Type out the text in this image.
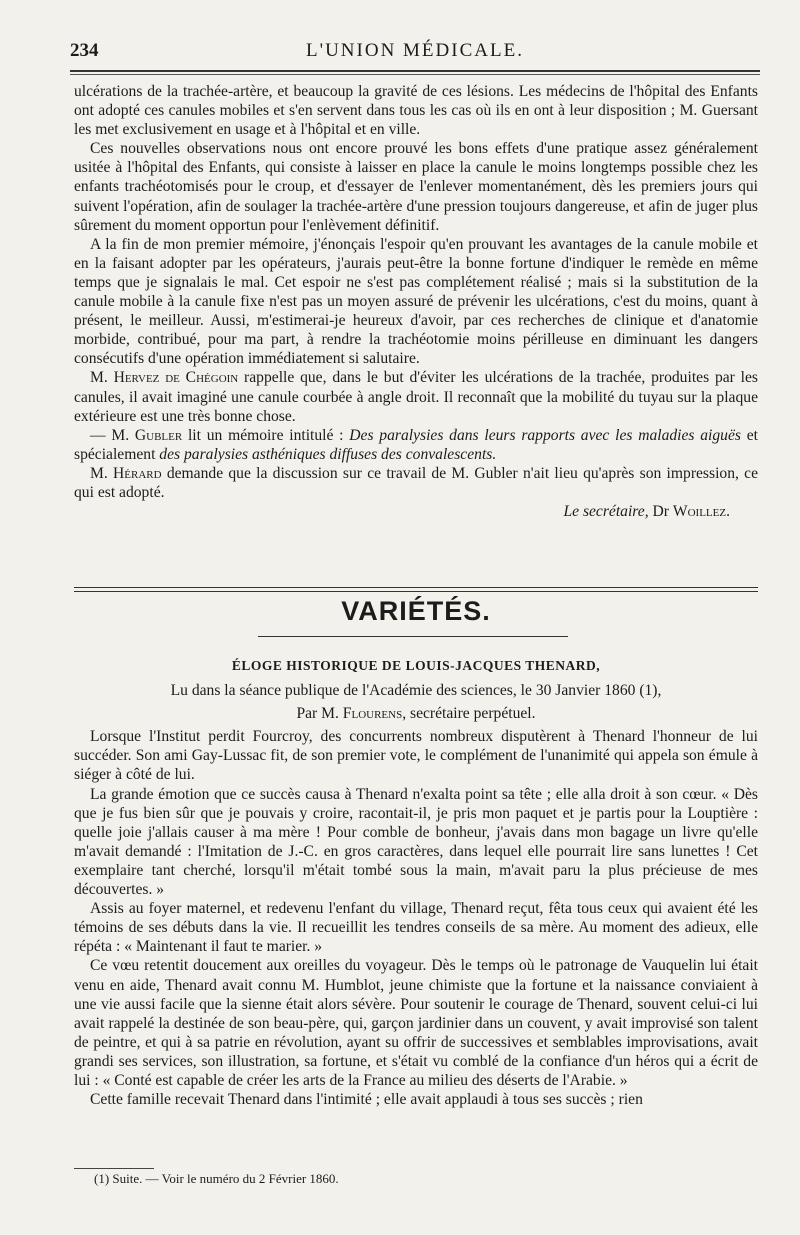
234	L'UNION MÉDICALE.

ulcérations de la trachée-artère, et beaucoup la gravité de ces lésions. Les médecins de l'hôpital des Enfants ont adopté ces canules mobiles et s'en servent dans tous les cas où ils en ont à leur disposition ; M. Guersant les met exclusivement en usage et à l'hôpital et en ville.

Ces nouvelles observations nous ont encore prouvé les bons effets d'une pratique assez généralement usitée à l'hôpital des Enfants, qui consiste à laisser en place la canule le moins longtemps possible chez les enfants trachéotomisés pour le croup, et d'essayer de l'enlever momentanément, dès les premiers jours qui suivent l'opération, afin de soulager la trachée-artère d'une pression toujours dangereuse, et afin de juger plus sûrement du moment opportun pour l'enlèvement définitif.

A la fin de mon premier mémoire, j'énonçais l'espoir qu'en prouvant les avantages de la canule mobile et en la faisant adopter par les opérateurs, j'aurais peut-être la bonne fortune d'indiquer le remède en même temps que je signalais le mal. Cet espoir ne s'est pas complétement réalisé ; mais si la substitution de la canule mobile à la canule fixe n'est pas un moyen assuré de prévenir les ulcérations, c'est du moins, quant à présent, le meilleur. Aussi, m'estimerai-je heureux d'avoir, par ces recherches de clinique et d'anatomie morbide, contribué, pour ma part, à rendre la trachéotomie moins périlleuse en diminuant les dangers consécutifs d'une opération immédiatement si salutaire.

M. Hervez de Chégoin rappelle que, dans le but d'éviter les ulcérations de la trachée, produites par les canules, il avait imaginé une canule courbée à angle droit. Il reconnaît que la mobilité du tuyau sur la plaque extérieure est une très bonne chose.

— M. Gubler lit un mémoire intitulé : Des paralysies dans leurs rapports avec les maladies aiguës et spécialement des paralysies asthéniques diffuses des convalescents.

M. Hérard demande que la discussion sur ce travail de M. Gubler n'ait lieu qu'après son impression, ce qui est adopté.

Le secrétaire, Dr Woillez.

VARIÉTÉS.

ÉLOGE HISTORIQUE DE LOUIS-JACQUES THENARD,

Lu dans la séance publique de l'Académie des sciences, le 30 Janvier 1860 (1),

Par M. Flourens, secrétaire perpétuel.

Lorsque l'Institut perdit Fourcroy, des concurrents nombreux disputèrent à Thenard l'honneur de lui succéder. Son ami Gay-Lussac fit, de son premier vote, le complément de l'unanimité qui appela son émule à siéger à côté de lui.

La grande émotion que ce succès causa à Thenard n'exalta point sa tête ; elle alla droit à son cœur. « Dès que je fus bien sûr que je pouvais y croire, racontait-il, je pris mon paquet et je partis pour la Louptière : quelle joie j'allais causer à ma mère ! Pour comble de bonheur, j'avais dans mon bagage un livre qu'elle m'avait demandé : l'Imitation de J.-C. en gros caractères, dans lequel elle pourrait lire sans lunettes ! Cet exemplaire tant cherché, lorsqu'il m'était tombé sous la main, m'avait paru la plus précieuse de mes découvertes. »

Assis au foyer maternel, et redevenu l'enfant du village, Thenard reçut, fêta tous ceux qui avaient été les témoins de ses débuts dans la vie. Il recueillit les tendres conseils de sa mère. Au moment des adieux, elle répéta : « Maintenant il faut te marier. »

Ce vœu retentit doucement aux oreilles du voyageur. Dès le temps où le patronage de Vauquelin lui était venu en aide, Thenard avait connu M. Humblot, jeune chimiste que la fortune et la naissance conviaient à une vie aussi facile que la sienne était alors sévère. Pour soutenir le courage de Thenard, souvent celui-ci lui avait rappelé la destinée de son beau-père, qui, garçon jardinier dans un couvent, y avait improvisé son talent de peintre, et qui à sa patrie en révolution, ayant su offrir de successives et semblables improvisations, avait grandi ses services, son illustration, sa fortune, et s'était vu comblé de la confiance d'un héros qui a écrit de lui : « Conté est capable de créer les arts de la France au milieu des déserts de l'Arabie. »

Cette famille recevait Thenard dans l'intimité ; elle avait applaudi à tous ses succès ; rien

(1) Suite. — Voir le numéro du 2 Février 1860.
